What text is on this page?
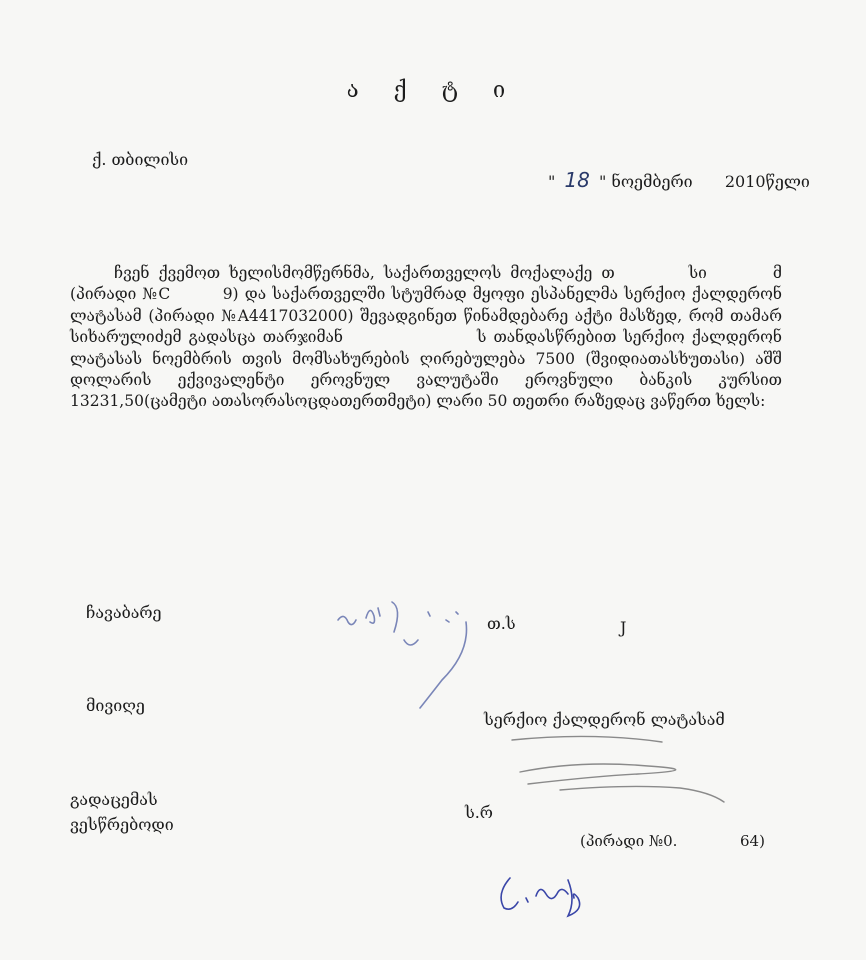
ა ქ ტ ი
ქ. თბილისი
" 18 " ნოემბერი 2010წელი
ჩვენ ქვემოთ ხელისმომწერნმა, საქართველოს მოქალაქე თ	სი	მ (პირადი №C	9) და საქართველში სტუმრად მყოფი ესპანელმა სერქიო ქალდერონ ლატასამ (პირადი №A4417032000) შევადგინეთ წინამდებარე აქტი მასზედ, რომ თამარ სიხარულიძემ გადასცა თარჯიმან	ს თანდასწრებით სერქიო ქალდერონ ლატასას ნოემბრის თვის მომსახურების ღირებულება 7500 (შვიდიათასხუთასი) აშშ დოლარის ექვივალენტი ეროვნულ ვალუტაში ეროვნული ბანკის კურსით 13231,50(ცამეტი ათასორასოცდათერთმეტი) ლარი 50 თეთრი რაზედაც ვაწერთ ხელს:
ჩავაბარე
თ.ს	J
მივიღე
სერქიო ქალდერონ ლატასამ
გადაცემას
ვესწრებოდი
ს.რ
(პირადი №0.	64)
